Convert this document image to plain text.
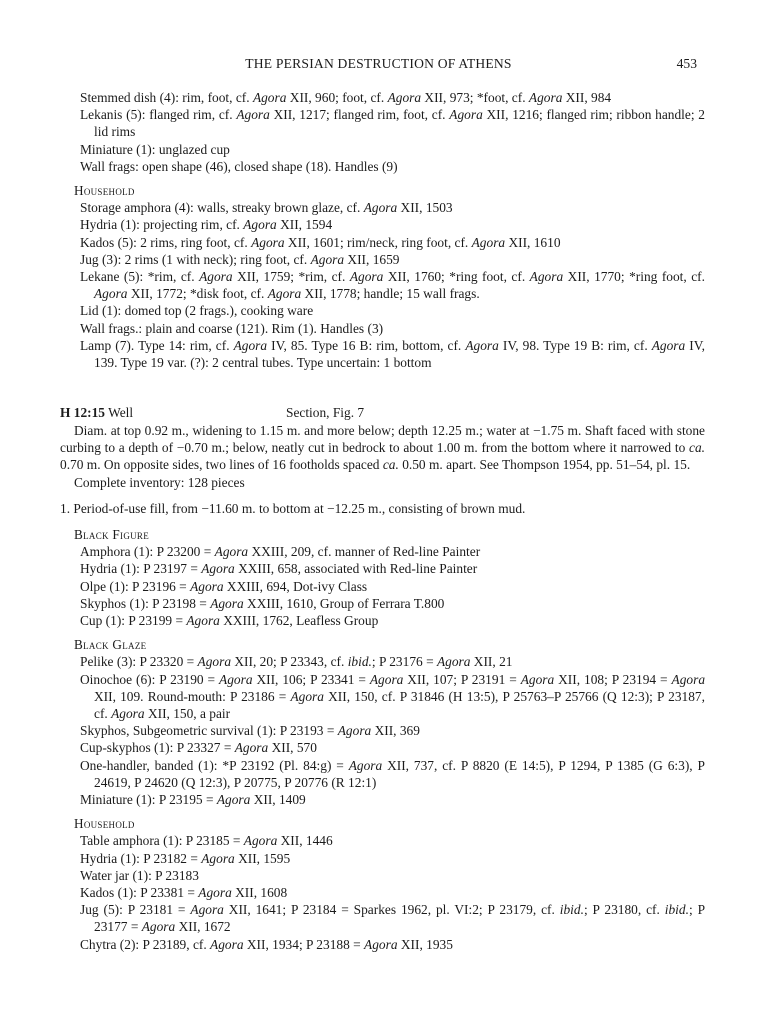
THE PERSIAN DESTRUCTION OF ATHENS	453

Stemmed dish (4): rim, foot, cf. Agora XII, 960; foot, cf. Agora XII, 973; *foot, cf. Agora XII, 984

Lekanis (5): flanged rim, cf. Agora XII, 1217; flanged rim, foot, cf. Agora XII, 1216; flanged rim; ribbon handle; 2 lid rims

Miniature (1): unglazed cup

Wall frags: open shape (46), closed shape (18). Handles (9)

Household

Storage amphora (4): walls, streaky brown glaze, cf. Agora XII, 1503

Hydria (1): projecting rim, cf. Agora XII, 1594

Kados (5): 2 rims, ring foot, cf. Agora XII, 1601; rim/neck, ring foot, cf. Agora XII, 1610

Jug (3): 2 rims (1 with neck); ring foot, cf. Agora XII, 1659

Lekane (5): *rim, cf. Agora XII, 1759; *rim, cf. Agora XII, 1760; *ring foot, cf. Agora XII, 1770; *ring foot, cf. Agora XII, 1772; *disk foot, cf. Agora XII, 1778; handle; 15 wall frags.

Lid (1): domed top (2 frags.), cooking ware

Wall frags.: plain and coarse (121). Rim (1). Handles (3)

Lamp (7). Type 14: rim, cf. Agora IV, 85. Type 16 B: rim, bottom, cf. Agora IV, 98. Type 19 B: rim, cf. Agora IV, 139. Type 19 var. (?): 2 central tubes. Type uncertain: 1 bottom

H 12:15 Well	Section, Fig. 7

Diam. at top 0.92 m., widening to 1.15 m. and more below; depth 12.25 m.; water at −1.75 m. Shaft faced with stone curbing to a depth of −0.70 m.; below, neatly cut in bedrock to about 1.00 m. from the bottom where it narrowed to ca. 0.70 m. On opposite sides, two lines of 16 footholds spaced ca. 0.50 m. apart. See Thompson 1954, pp. 51–54, pl. 15.

Complete inventory: 128 pieces

1. Period-of-use fill, from −11.60 m. to bottom at −12.25 m., consisting of brown mud.

Black Figure

Amphora (1): P 23200 = Agora XXIII, 209, cf. manner of Red-line Painter

Hydria (1): P 23197 = Agora XXIII, 658, associated with Red-line Painter

Olpe (1): P 23196 = Agora XXIII, 694, Dot-ivy Class

Skyphos (1): P 23198 = Agora XXIII, 1610, Group of Ferrara T.800

Cup (1): P 23199 = Agora XXIII, 1762, Leafless Group

Black Glaze

Pelike (3): P 23320 = Agora XII, 20; P 23343, cf. ibid.; P 23176 = Agora XII, 21

Oinochoe (6): P 23190 = Agora XII, 106; P 23341 = Agora XII, 107; P 23191 = Agora XII, 108; P 23194 = Agora XII, 109. Round-mouth: P 23186 = Agora XII, 150, cf. P 31846 (H 13:5), P 25763–P 25766 (Q 12:3); P 23187, cf. Agora XII, 150, a pair

Skyphos, Subgeometric survival (1): P 23193 = Agora XII, 369

Cup-skyphos (1): P 23327 = Agora XII, 570

One-handler, banded (1): *P 23192 (Pl. 84:g) = Agora XII, 737, cf. P 8820 (E 14:5), P 1294, P 1385 (G 6:3), P 24619, P 24620 (Q 12:3), P 20775, P 20776 (R 12:1)

Miniature (1): P 23195 = Agora XII, 1409

Household

Table amphora (1): P 23185 = Agora XII, 1446

Hydria (1): P 23182 = Agora XII, 1595

Water jar (1): P 23183

Kados (1): P 23381 = Agora XII, 1608

Jug (5): P 23181 = Agora XII, 1641; P 23184 = Sparkes 1962, pl. VI:2; P 23179, cf. ibid.; P 23180, cf. ibid.; P 23177 = Agora XII, 1672

Chytra (2): P 23189, cf. Agora XII, 1934; P 23188 = Agora XII, 1935
